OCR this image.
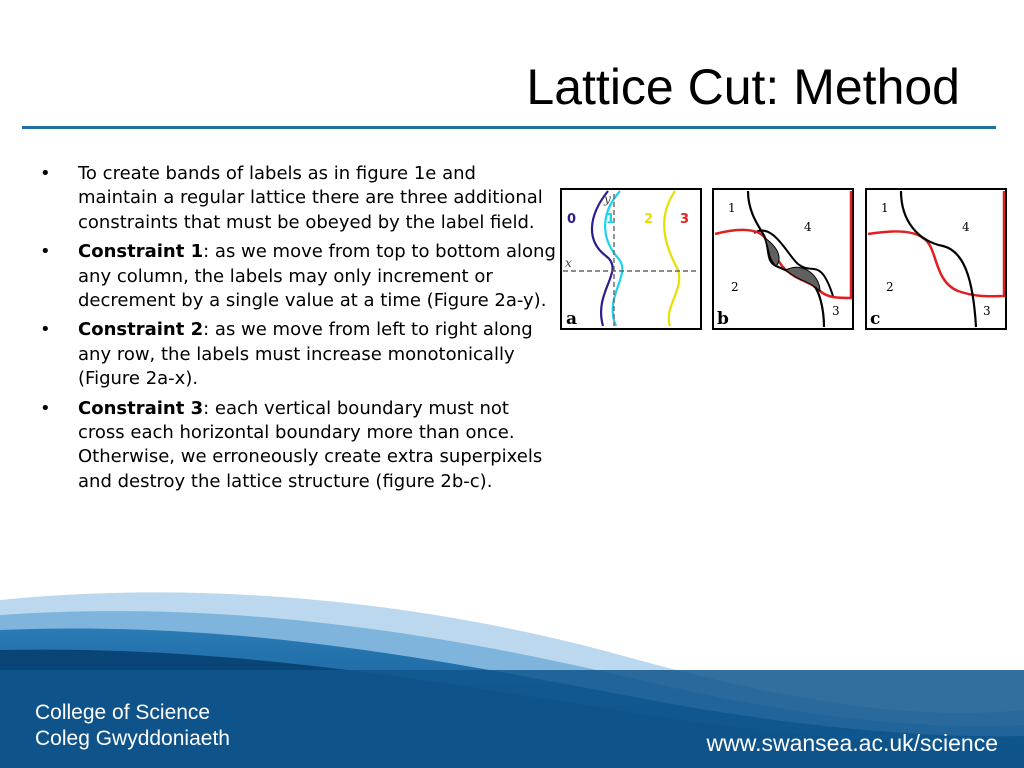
Lattice Cut: Method
• To create bands of labels as in figure 1e and maintain a regular lattice there are three additional constraints that must be obeyed by the label field.
• Constraint 1: as we move from top to bottom along any column, the labels may only increment or decrement by a single value at a time (Figure 2a-y).
• Constraint 2: as we move from left to right along any row, the labels must increase monotonically (Figure 2a-x).
• Constraint 3: each vertical boundary must not cross each horizontal boundary more than once. Otherwise, we erroneously create extra superpixels and destroy the lattice structure (figure 2b-c).
y
x
0 1 2 3
a
1
4
2
3
b
1
4
2
3
c
College of Science
Coleg Gwyddoniaeth	www.swansea.ac.uk/science
